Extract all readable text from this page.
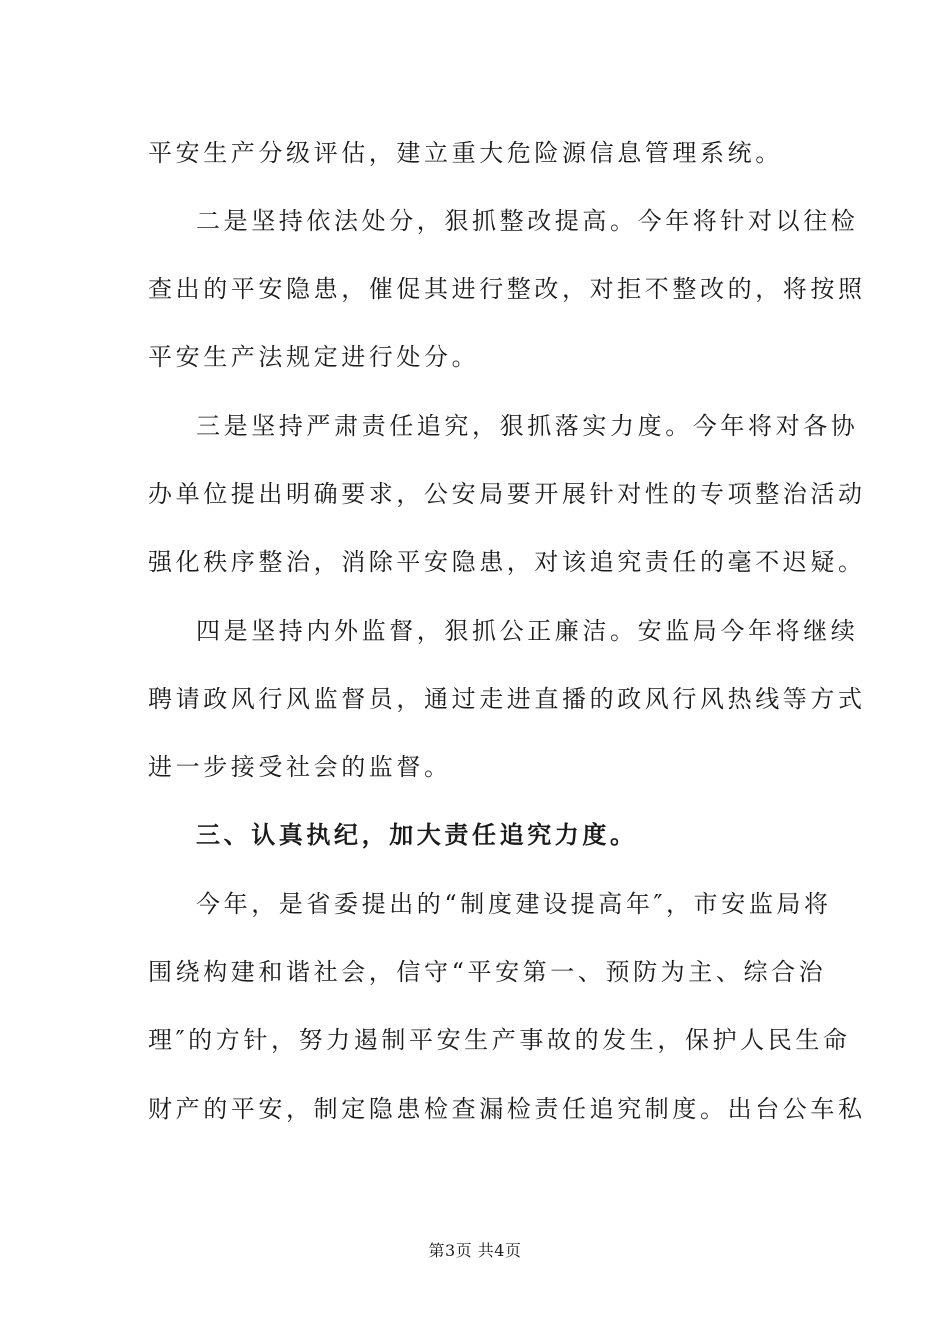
平安生产分级评估，建立重大危险源信息管理系统。
二是坚持依法处分，狠抓整改提高。今年将针对以往检
查出的平安隐患，催促其进行整改，对拒不整改的，将按照
平安生产法规定进行处分。
三是坚持严肃责任追究，狠抓落实力度。今年将对各协
办单位提出明确要求，公安局要开展针对性的专项整治活动
强化秩序整治，消除平安隐患，对该追究责任的毫不迟疑。
四是坚持内外监督，狠抓公正廉洁。安监局今年将继续
聘请政风行风监督员，通过走进直播的政风行风热线等方式
进一步接受社会的监督。
三、认真执纪，加大责任追究力度。
今年，是省委提出的“制度建设提高年″，市安监局将
围绕构建和谐社会，信守“平安第一、预防为主、综合治
理″的方针，努力遏制平安生产事故的发生，保护人民生命
财产的平安，制定隐患检查漏检责任追究制度。出台公车私
第3页 共4页
